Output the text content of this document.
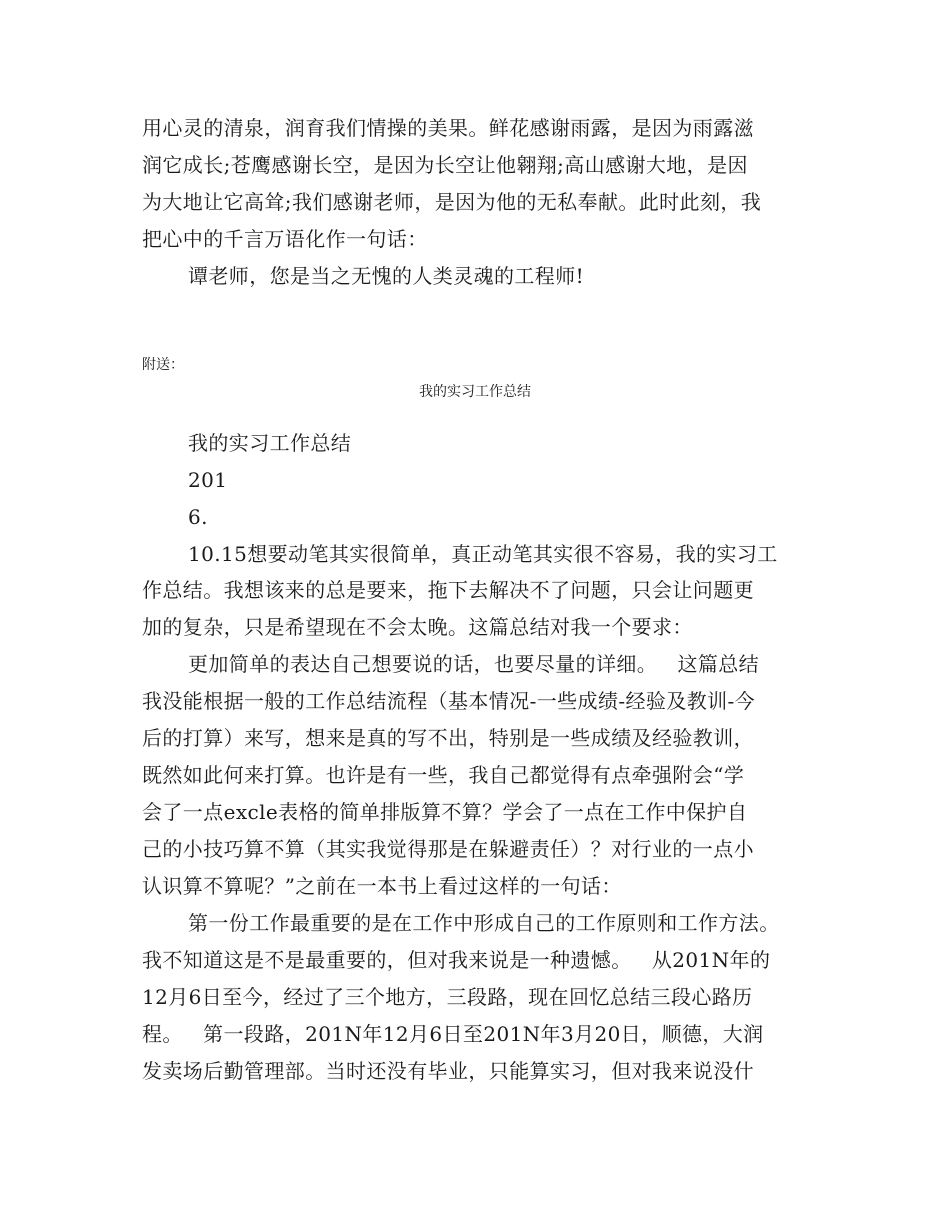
用心灵的清泉，润育我们情操的美果。鲜花感谢雨露，是因为雨露滋
润它成长;苍鹰感谢长空，是因为长空让他翱翔;高山感谢大地，是因
为大地让它高耸;我们感谢老师，是因为他的无私奉献。此时此刻，我
把心中的千言万语化作一句话：
谭老师，您是当之无愧的人类灵魂的工程师!
附送：
我的实习工作总结
我的实习工作总结
201
6.
10.15想要动笔其实很简单，真正动笔其实很不容易，我的实习工
作总结。我想该来的总是要来，拖下去解决不了问题，只会让问题更
加的复杂，只是希望现在不会太晚。这篇总结对我一个要求：
更加简单的表达自己想要说的话，也要尽量的详细。   这篇总结
我没能根据一般的工作总结流程（基本情况-一些成绩-经验及教训-今
后的打算）来写，想来是真的写不出，特别是一些成绩及经验教训，
既然如此何来打算。也许是有一些，我自己都觉得有点牵强附会“学
会了一点excle表格的简单排版算不算？学会了一点在工作中保护自
己的小技巧算不算（其实我觉得那是在躲避责任）？对行业的一点小
认识算不算呢？”之前在一本书上看过这样的一句话：
第一份工作最重要的是在工作中形成自己的工作原则和工作方法。
我不知道这是不是最重要的，但对我来说是一种遗憾。   从201N年的
12月6日至今，经过了三个地方，三段路，现在回忆总结三段心路历
程。   第一段路，201N年12月6日至201N年3月20日，顺德，大润
发卖场后勤管理部。当时还没有毕业，只能算实习，但对我来说没什
